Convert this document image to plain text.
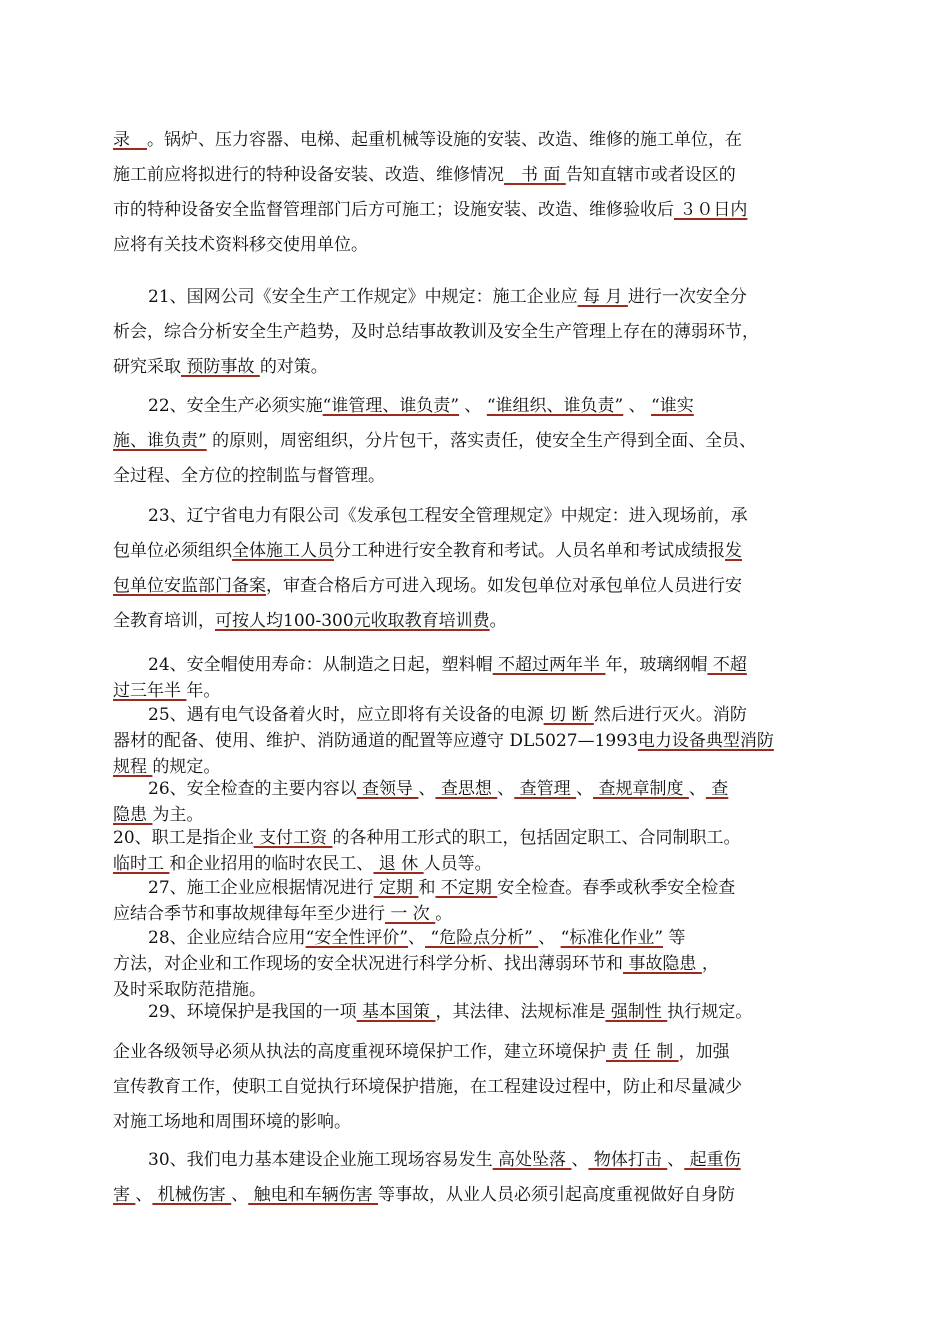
录　。锅炉、压力容器、电梯、起重机械等设施的安装、改造、维修的施工单位，在
施工前应将拟进行的特种设备安装、改造、维修情况　书 面 告知直辖市或者设区的
市的特种设备安全监督管理部门后方可施工；设施安装、改造、维修验收后 ３０日内
应将有关技术资料移交使用单位。
21、国网公司《安全生产工作规定》中规定：施工企业应 每 月 进行一次安全分
析会，综合分析安全生产趋势，及时总结事故教训及安全生产管理上存在的薄弱环节，
研究采取 预防事故 的对策。
22、安全生产必须实施“谁管理、谁负责” 、 “谁组织、谁负责” 、 “谁实
施、谁负责” 的原则，周密组织，分片包干，落实责任，使安全生产得到全面、全员、
全过程、全方位的控制监与督管理。
23、辽宁省电力有限公司《发承包工程安全管理规定》中规定：进入现场前，承
包单位必须组织全体施工人员分工种进行安全教育和考试。人员名单和考试成绩报发
包单位安监部门备案，审查合格后方可进入现场。如发包单位对承包单位人员进行安
全教育培训，可按人均100-300元收取教育培训费。
24、安全帽使用寿命：从制造之日起，塑料帽 不超过两年半 年，玻璃纲帽 不超
过三年半 年。
25、遇有电气设备着火时，应立即将有关设备的电源 切 断 然后进行灭火。消防
器材的配备、使用、维护、消防通道的配置等应遵守 DL5027—1993电力设备典型消防
规程 的规定。
26、安全检查的主要内容以 查领导 、 查思想 、 查管理 、 查规章制度 、 查
隐患 为主。
20、职工是指企业 支付工资 的各种用工形式的职工，包括固定职工、合同制职工。
临时工 和企业招用的临时农民工、 退 休 人员等。
27、施工企业应根据情况进行 定期 和 不定期 安全检查。春季或秋季安全检查
应结合季节和事故规律每年至少进行 一 次 。
28、企业应结合应用“安全性评价”、 “危险点分析” 、 “标准化作业” 等
方法，对企业和工作现场的安全状况进行科学分析、找出薄弱环节和 事故隐患 ，
及时采取防范措施。
29、环境保护是我国的一项 基本国策 ，其法律、法规标准是 强制性 执行规定。
企业各级领导必须从执法的高度重视环境保护工作，建立环境保护 责 任 制 ，加强
宣传教育工作，使职工自觉执行环境保护措施，在工程建设过程中，防止和尽量减少
对施工场地和周围环境的影响。
30、我们电力基本建设企业施工现场容易发生 高处坠落 、 物体打击 、 起重伤
害 、 机械伤害 、 触电和车辆伤害 等事故，从业人员必须引起高度重视做好自身防
